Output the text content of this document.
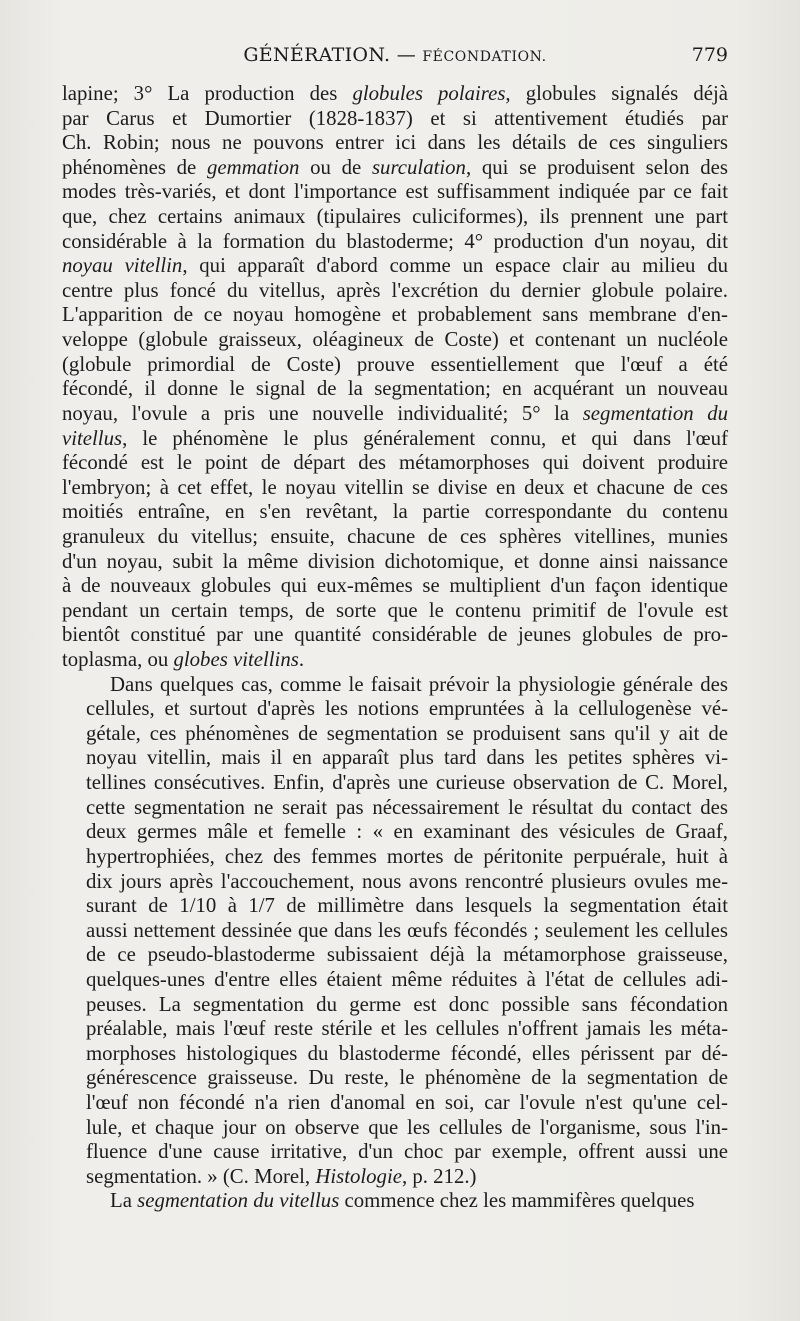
GÉNÉRATION. — FÉCONDATION.	779

lapine; 3° La production des globules polaires, globules signalés déjà
par Carus et Dumortier (1828-1837) et si attentivement étudiés par
Ch. Robin; nous ne pouvons entrer ici dans les détails de ces singuliers
phénomènes de gemmation ou de surculation, qui se produisent selon des
modes très-variés, et dont l'importance est suffisamment indiquée par ce fait
que, chez certains animaux (tipulaires culiciformes), ils prennent une part
considérable à la formation du blastoderme; 4° production d'un noyau, dit
noyau vitellin, qui apparaît d'abord comme un espace clair au milieu du
centre plus foncé du vitellus, après l'excrétion du dernier globule polaire.
L'apparition de ce noyau homogène et probablement sans membrane d'en-
veloppe (globule graisseux, oléagineux de Coste) et contenant un nucléole
(globule primordial de Coste) prouve essentiellement que l'œuf a été
fécondé, il donne le signal de la segmentation; en acquérant un nouveau
noyau, l'ovule a pris une nouvelle individualité; 5° la segmentation du
vitellus, le phénomène le plus généralement connu, et qui dans l'œuf
fécondé est le point de départ des métamorphoses qui doivent produire
l'embryon; à cet effet, le noyau vitellin se divise en deux et chacune de ces
moitiés entraîne, en s'en revêtant, la partie correspondante du contenu
granuleux du vitellus; ensuite, chacune de ces sphères vitellines, munies
d'un noyau, subit la même division dichotomique, et donne ainsi naissance
à de nouveaux globules qui eux-mêmes se multiplient d'un façon identique
pendant un certain temps, de sorte que le contenu primitif de l'ovule est
bientôt constitué par une quantité considérable de jeunes globules de pro-
toplasma, ou globes vitellins.

Dans quelques cas, comme le faisait prévoir la physiologie générale des
cellules, et surtout d'après les notions empruntées à la cellulogenèse vé-
gétale, ces phénomènes de segmentation se produisent sans qu'il y ait de
noyau vitellin, mais il en apparaît plus tard dans les petites sphères vi-
tellines consécutives. Enfin, d'après une curieuse observation de C. Morel,
cette segmentation ne serait pas nécessairement le résultat du contact des
deux germes mâle et femelle : « en examinant des vésicules de Graaf,
hypertrophiées, chez des femmes mortes de péritonite perpuérale, huit à
dix jours après l'accouchement, nous avons rencontré plusieurs ovules me-
surant de 1/10 à 1/7 de millimètre dans lesquels la segmentation était
aussi nettement dessinée que dans les œufs fécondés ; seulement les cellules
de ce pseudo-blastoderme subissaient déjà la métamorphose graisseuse,
quelques-unes d'entre elles étaient même réduites à l'état de cellules adi-
peuses. La segmentation du germe est donc possible sans fécondation
préalable, mais l'œuf reste stérile et les cellules n'offrent jamais les méta-
morphoses histologiques du blastoderme fécondé, elles périssent par dé-
générescence graisseuse. Du reste, le phénomène de la segmentation de
l'œuf non fécondé n'a rien d'anomal en soi, car l'ovule n'est qu'une cel-
lule, et chaque jour on observe que les cellules de l'organisme, sous l'in-
fluence d'une cause irritative, d'un choc par exemple, offrent aussi une
segmentation. » (C. Morel, Histologie, p. 212.)

La segmentation du vitellus commence chez les mammifères quelques
